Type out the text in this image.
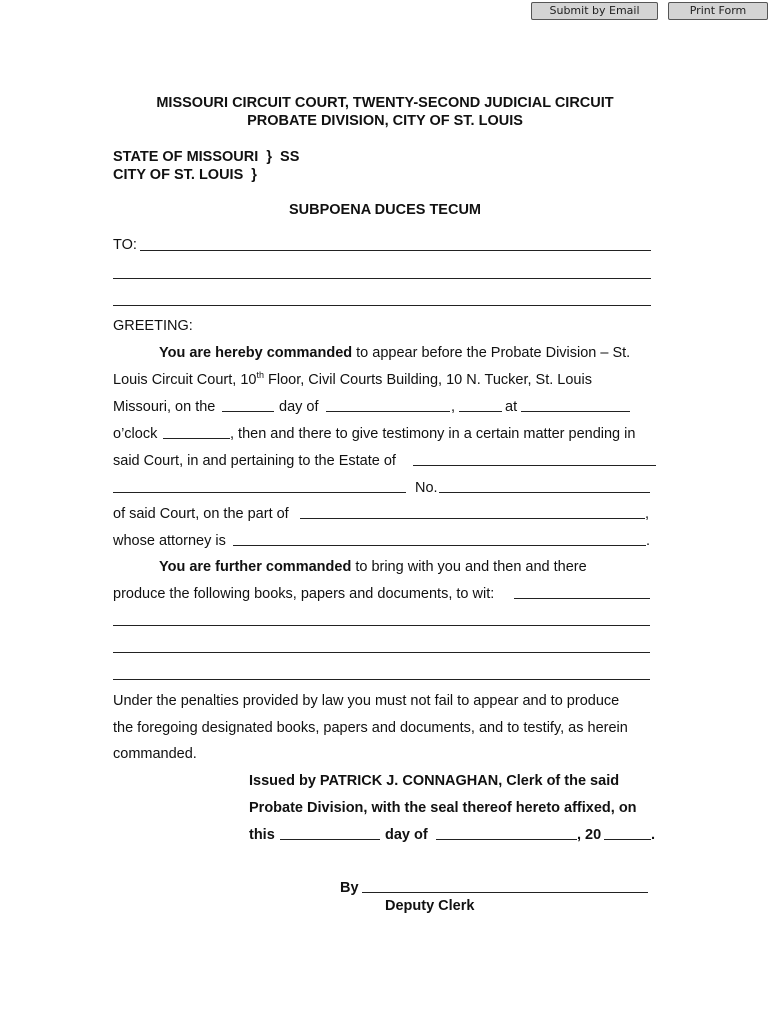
Submit by Email	Print Form
MISSOURI CIRCUIT COURT, TWENTY-SECOND JUDICIAL CIRCUIT
PROBATE DIVISION, CITY OF ST. LOUIS
STATE OF MISSOURI  }  SS
CITY OF ST. LOUIS  }
SUBPOENA DUCES TECUM
TO:
GREETING:
You are hereby commanded to appear before the Probate Division – St.
Louis Circuit Court, 10th Floor, Civil Courts Building, 10 N. Tucker, St. Louis
Missouri, on the	day of	,	at
o’clock	, then and there to give testimony in a certain matter pending in
said Court, in and pertaining to the Estate of
No.
of said Court, on the part of	,
whose attorney is	.
You are further commanded to bring with you and then and there
produce the following books, papers and documents, to wit:
Under the penalties provided by law you must not fail to appear and to produce
the foregoing designated books, papers and documents, and to testify, as herein
commanded.
Issued by PATRICK J. CONNAGHAN, Clerk of the said
Probate Division, with the seal thereof hereto affixed, on
this	day of	, 20	.
By
Deputy Clerk
